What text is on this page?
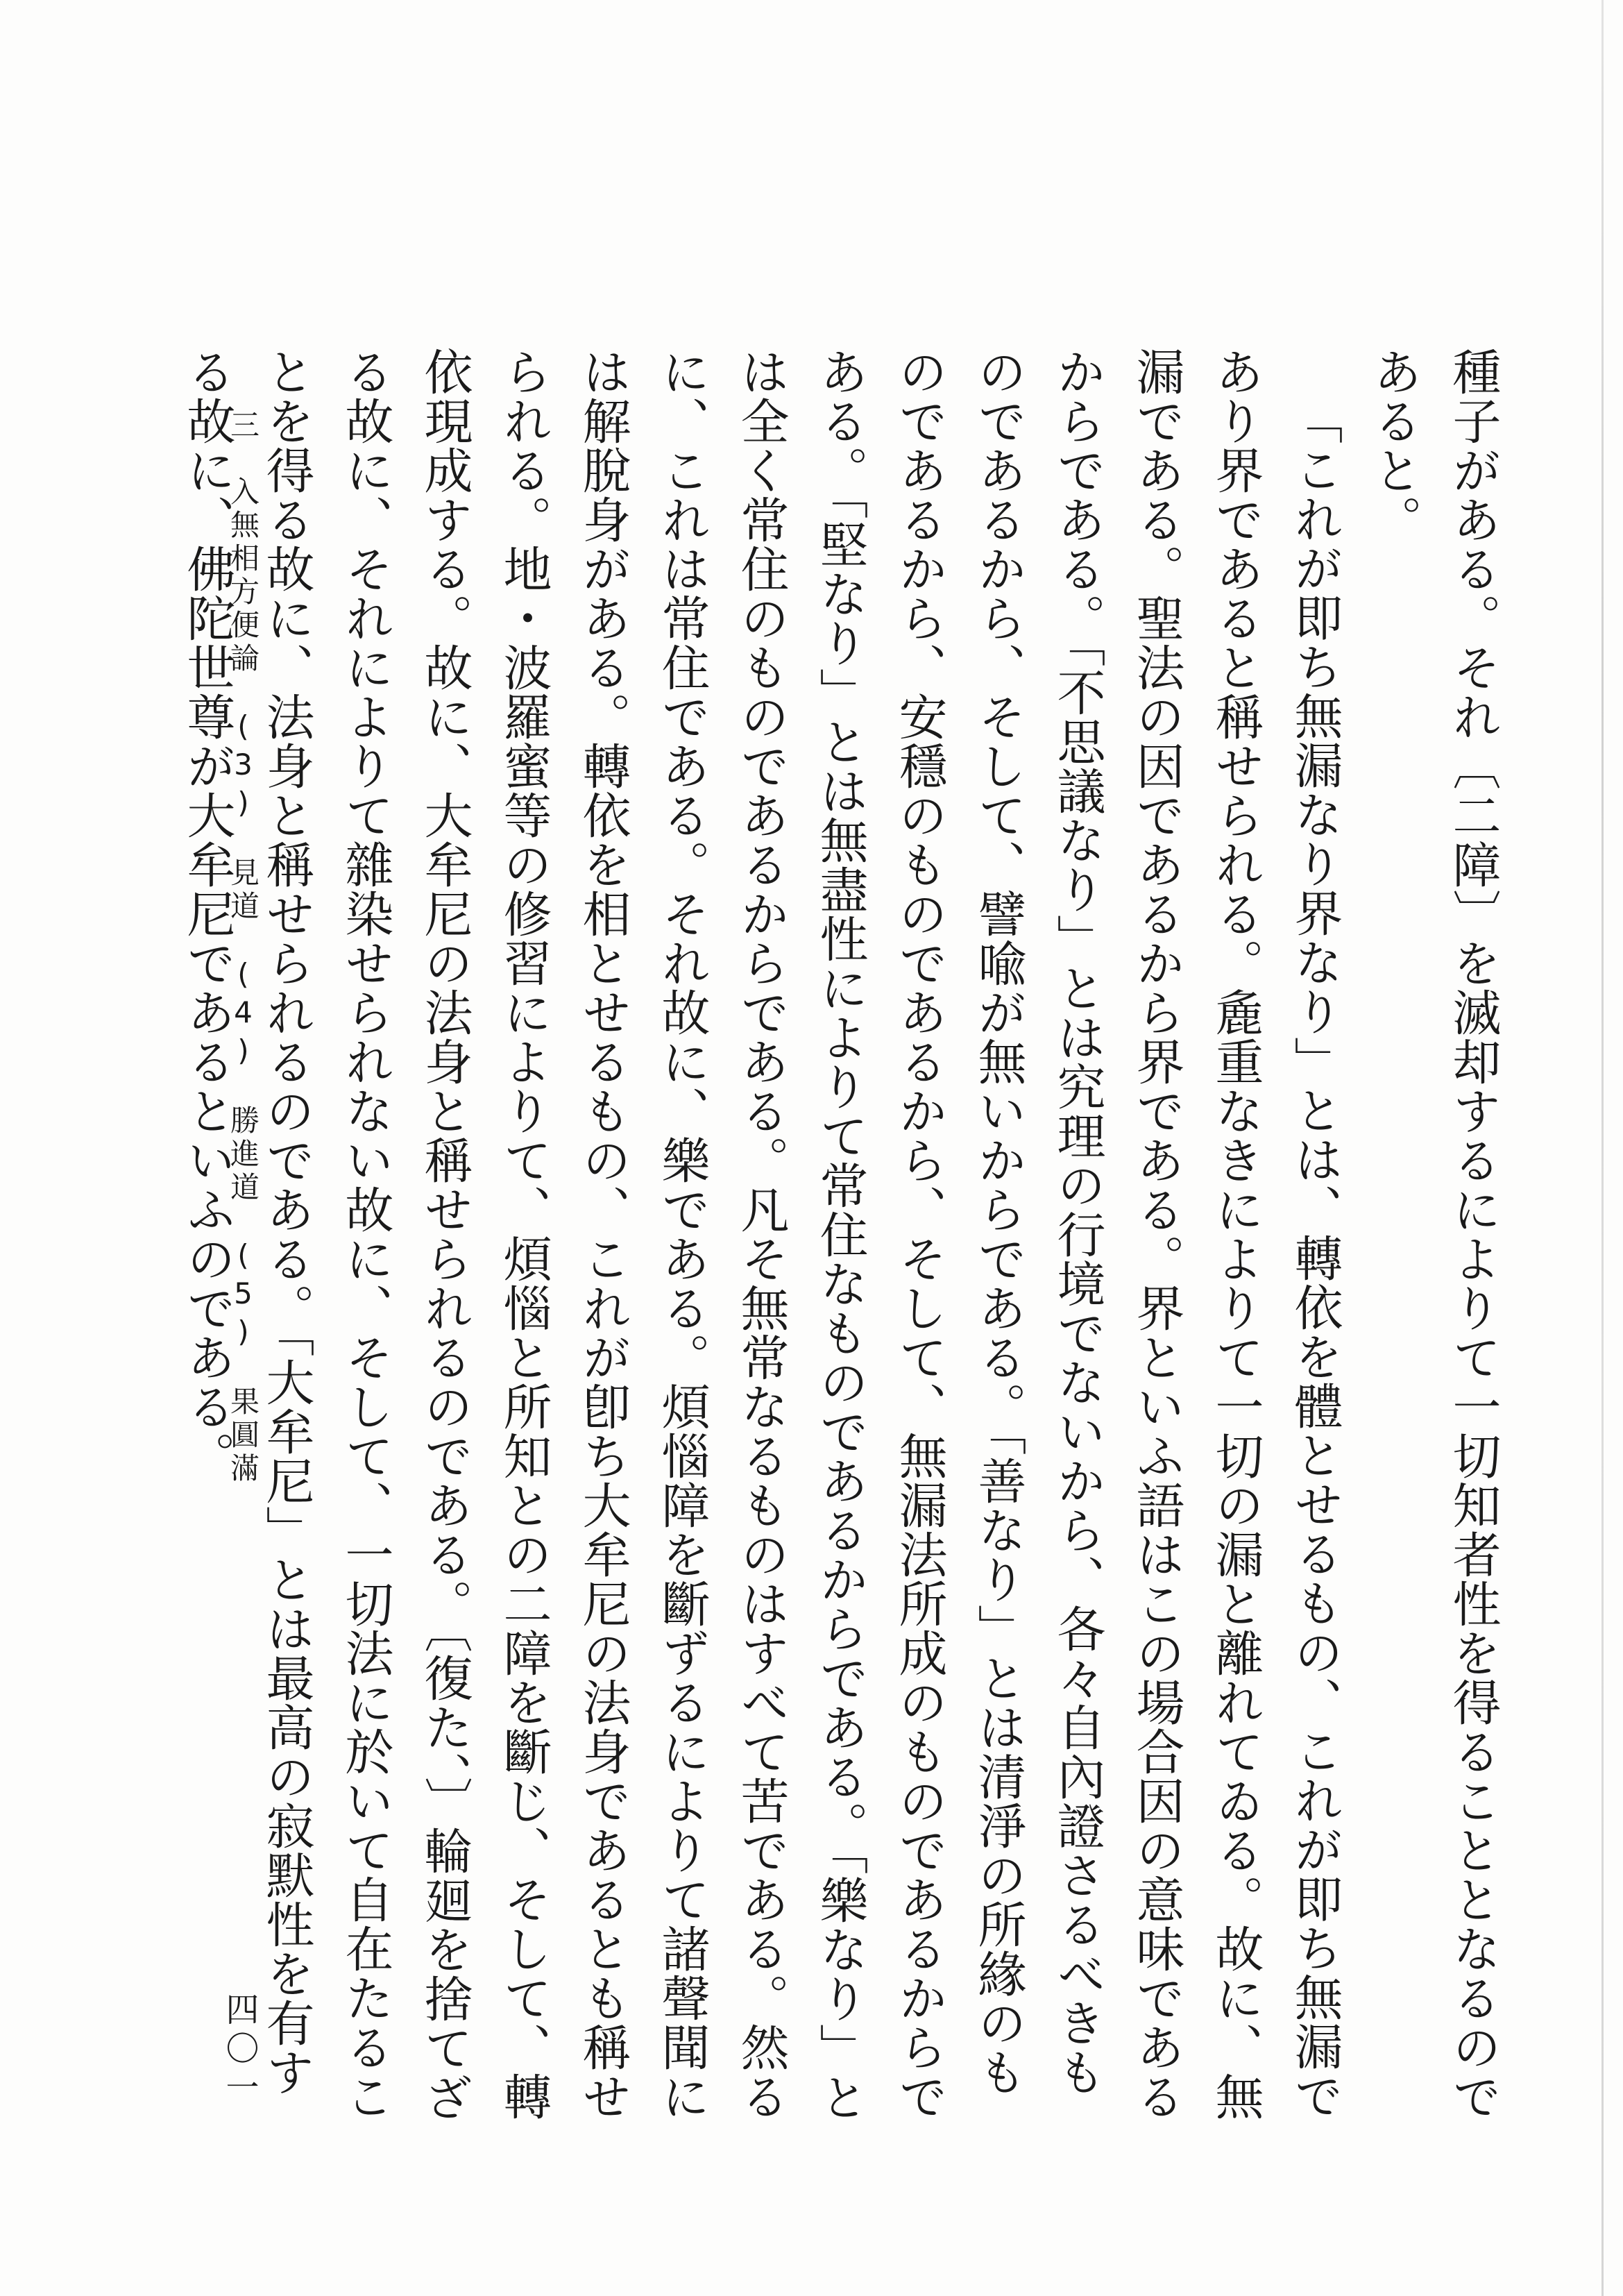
種子がある。それ〔二障〕を滅却するによりて一切知者性を得ることとなるのであると。

「これが即ち無漏なり界なり」とは、轉依を體とせるもの、これが即ち無漏であり界であると稱せられる。麁重なきによりて一切の漏と離れてゐる。故に、無漏である。聖法の因であるから界である。界といふ語はこの場合因の意味であるからである。「不思議なり」とは究理の行境でないから、各々自內證さるべきものであるから、そして、譬喩が無いからである。「善なり」とは清淨の所緣のものであるから、安穩のものであるから、そして、無漏法所成のものであるからである。「堅なり」とは無盡性によりて常住なものであるからである。「樂なり」とは全く常住のものであるからである。凡そ無常なるものはすべて苦である。然るに、これは常住である。それ故に、樂である。煩惱障を斷ずるによりて諸聲聞には解脫身がある。轉依を相とせるもの、これが卽ち大牟尼の法身であるとも稱せられる。地・波羅蜜等の修習によりて、煩惱と所知との二障を斷じ、そして、轉依現成する。故に、大牟尼の法身と稱せられるのである。〔復た、〕輪廻を捨てざる故に、それによりて雜染せられない故に、そして、一切法に於いて自在たることを得る故に、法身と稱せられるのである。「大牟尼」とは最高の寂默性を有する故に、佛陀世尊が大牟尼であるといふのである。

三　入無相方便論　(3)　見道　(4)　勝進道　(5)　果圓滿
四〇一
